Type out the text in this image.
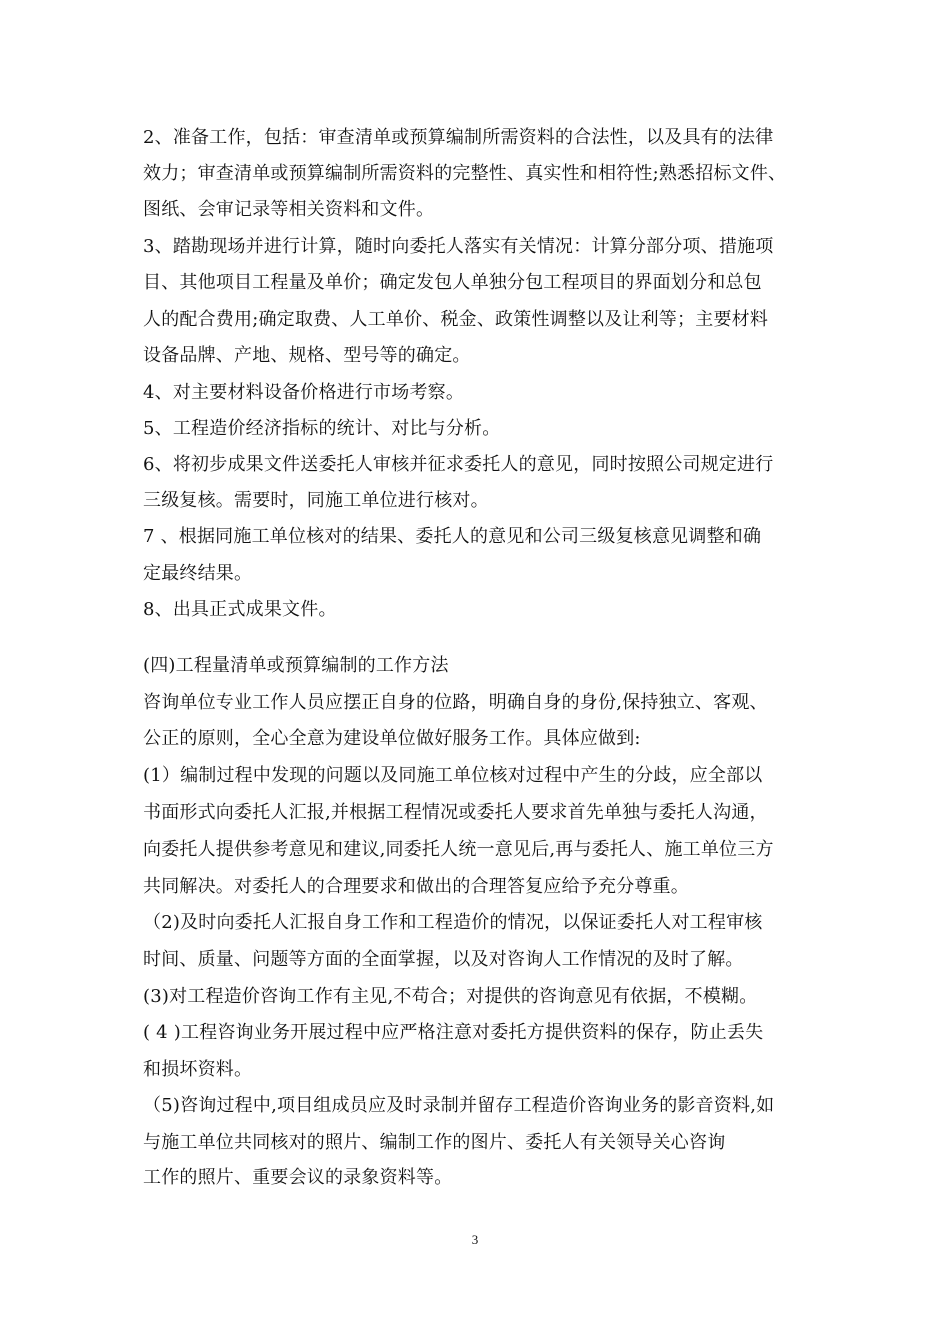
2、准备工作，包括：审查清单或预算编制所需资料的合法性，以及具有的法律
效力；审查清单或预算编制所需资料的完整性、真实性和相符性;熟悉招标文件、
图纸、会审记录等相关资料和文件。
3、踏勘现场并进行计算，随时向委托人落实有关情况：计算分部分项、措施项
目、其他项目工程量及单价；确定发包人单独分包工程项目的界面划分和总包
人的配合费用;确定取费、人工单价、税金、政策性调整以及让利等；主要材料
设备品牌、产地、规格、型号等的确定。
4、对主要材料设备价格进行市场考察。
5、工程造价经济指标的统计、对比与分析。
6、将初步成果文件送委托人审核并征求委托人的意见，同时按照公司规定进行
三级复核。需要时，同施工单位进行核对。
7 、根据同施工单位核对的结果、委托人的意见和公司三级复核意见调整和确
定最终结果。
8、出具正式成果文件。
(四)工程量清单或预算编制的工作方法
咨询单位专业工作人员应摆正自身的位路，明确自身的身份,保持独立、客观、
公正的原则，全心全意为建设单位做好服务工作。具体应做到:
(1）编制过程中发现的问题以及同施工单位核对过程中产生的分歧，应全部以
书面形式向委托人汇报,并根据工程情况或委托人要求首先单独与委托人沟通，
向委托人提供参考意见和建议,同委托人统一意见后,再与委托人、施工单位三方
共同解决。对委托人的合理要求和做出的合理答复应给予充分尊重。
（2)及时向委托人汇报自身工作和工程造价的情况，以保证委托人对工程审核
时间、质量、问题等方面的全面掌握，以及对咨询人工作情况的及时了解。
(3)对工程造价咨询工作有主见,不苟合；对提供的咨询意见有依据，不模糊。
( 4 )工程咨询业务开展过程中应严格注意对委托方提供资料的保存，防止丢失
和损坏资料。
（5)咨询过程中,项目组成员应及时录制并留存工程造价咨询业务的影音资料,如
与施工单位共同核对的照片、编制工作的图片、委托人有关领导关心咨询
工作的照片、重要会议的录象资料等。
3
